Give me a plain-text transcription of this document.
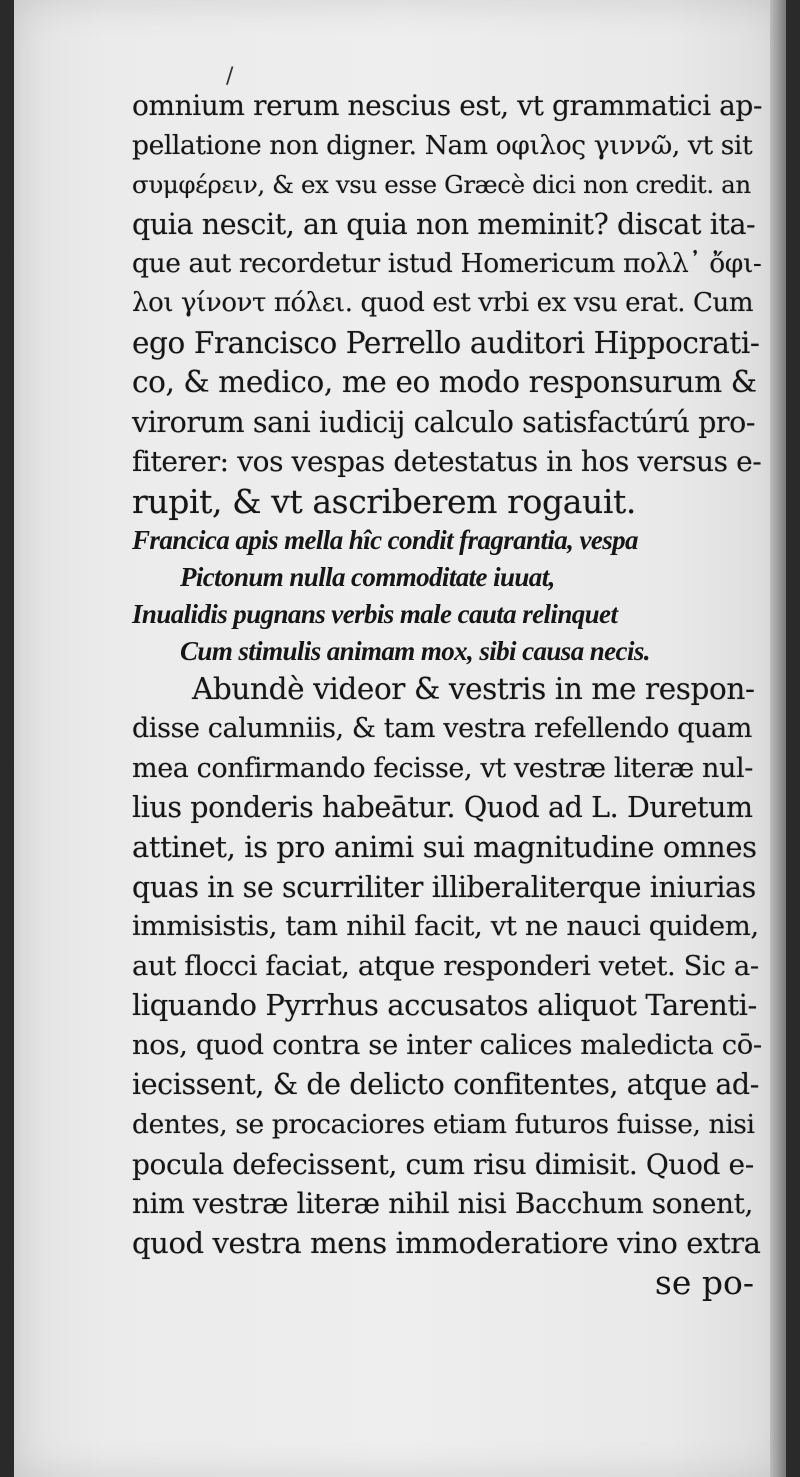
/
omnium rerum nescius est, vt grammatici ap-
pellatione non digner. Nam οφιλος γιννῶ, vt sit
συμφέρειν, & ex vsu esse Græcè dici non credit. an
quia nescit, an quia non meminit? discat ita-
que aut recordetur istud Homericum πολλ᾽ ὄφι-
λοι γίνοντ πόλει. quod est vrbi ex vsu erat. Cum
ego Francisco Perrello auditori Hippocrati-
co, & medico, me eo modo responsurum &
virorum sani iudicij calculo satisfactúrú pro-
fiterer: vos vespas detestatus in hos versus e-
rupit, & vt ascriberem rogauit.
Francica apis mella hîc condit fragrantia, vespa
Pictonum nulla commoditate iuuat,
Inualidis pugnans verbis male cauta relinquet
Cum stimulis animam mox, sibi causa necis.
Abundè videor & vestris in me respon-
disse calumniis, & tam vestra refellendo quam
mea confirmando fecisse, vt vestræ literæ nul-
lius ponderis habeātur. Quod ad L. Duretum
attinet, is pro animi sui magnitudine omnes
quas in se scurriliter illiberaliterque iniurias
immisistis, tam nihil facit, vt ne nauci quidem,
aut flocci faciat, atque responderi vetet. Sic a-
liquando Pyrrhus accusatos aliquot Tarenti-
nos, quod contra se inter calices maledicta cō-
iecissent, & de delicto confitentes, atque ad-
dentes, se procaciores etiam futuros fuisse, nisi
pocula defecissent, cum risu dimisit. Quod e-
nim vestræ literæ nihil nisi Bacchum sonent,
quod vestra mens immoderatiore vino extra
se po-
